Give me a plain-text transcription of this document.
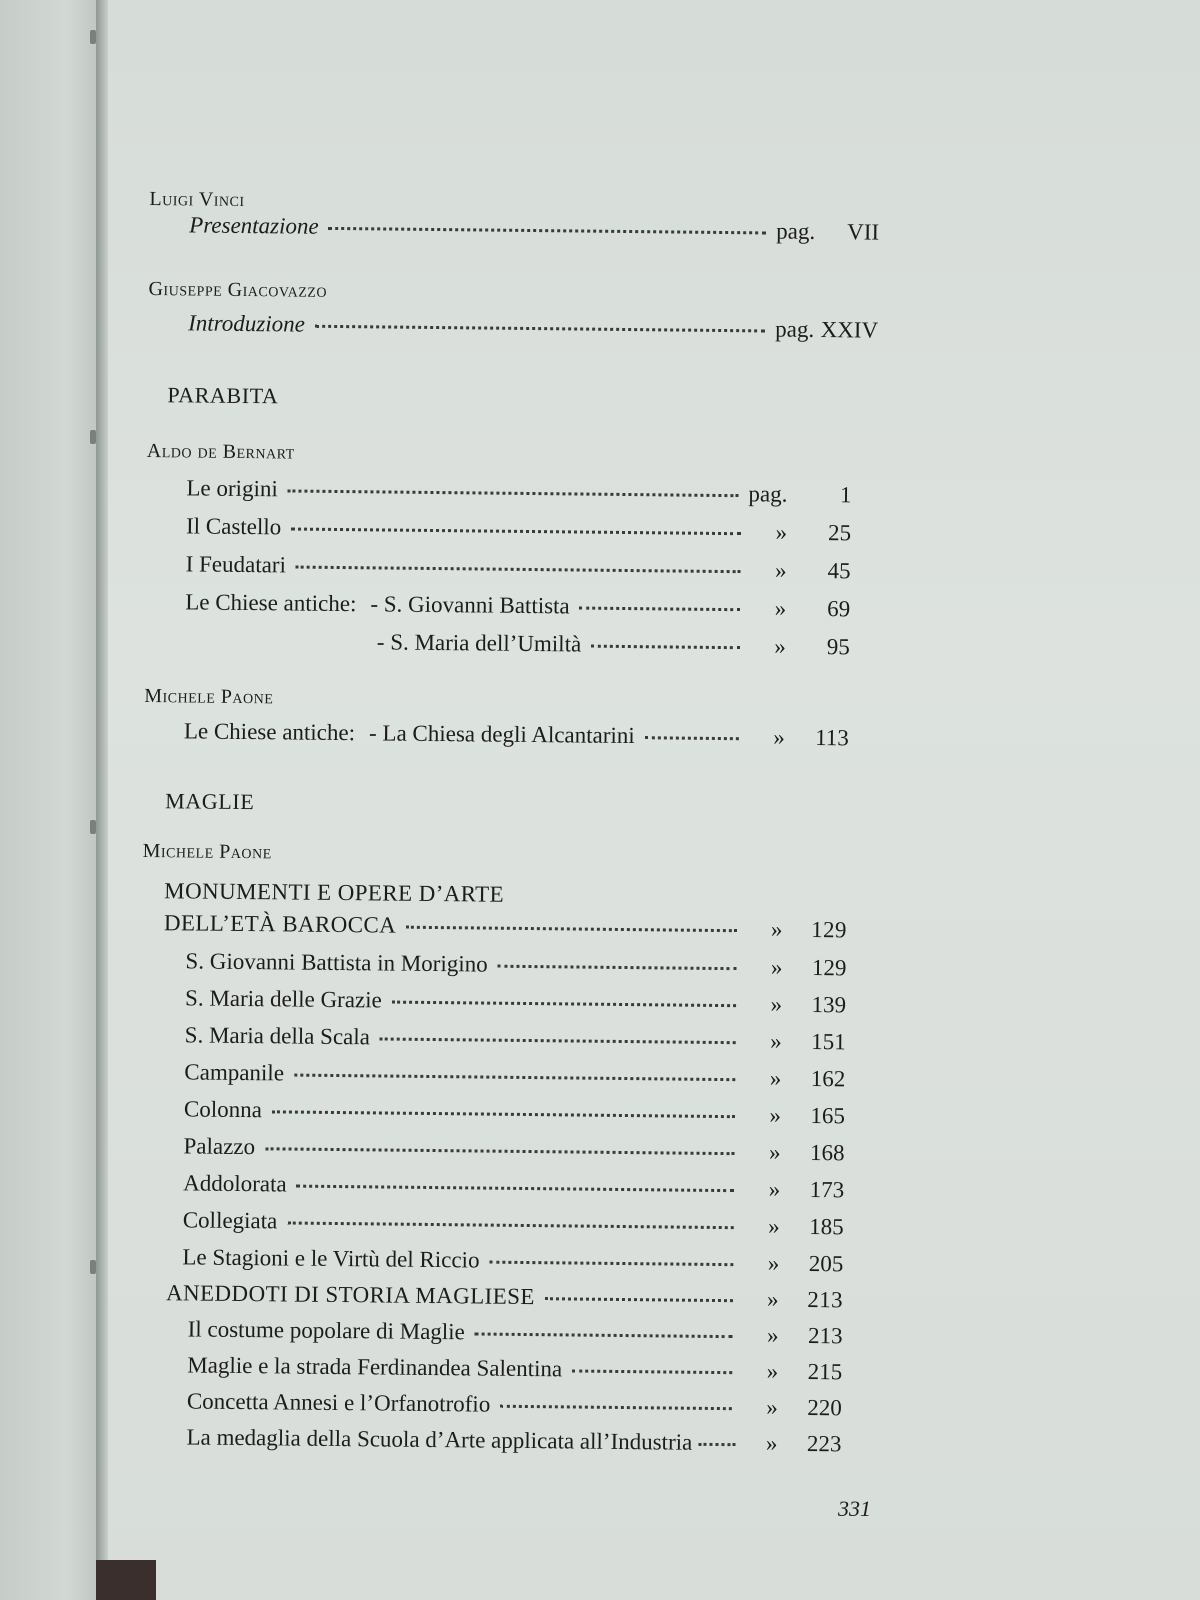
Luigi Vinci
Presentazione	pag.	VII
Giuseppe Giacovazzo
Introduzione	pag. XXIV
PARABITA
Aldo de Bernart
Le origini	pag.	1
Il Castello	»	25
I Feudatari	»	45
Le Chiese antiche: - S. Giovanni Battista	»	69
- S. Maria dell’Umiltà	»	95
Michele Paone
Le Chiese antiche: - La Chiesa degli Alcantarini	»	113
MAGLIE
Michele Paone
MONUMENTI E OPERE D’ARTE
DELL’ETÀ BAROCCA	»	129
S. Giovanni Battista in Morigino	»	129
S. Maria delle Grazie	»	139
S. Maria della Scala	»	151
Campanile	»	162
Colonna	»	165
Palazzo	»	168
Addolorata	»	173
Collegiata	»	185
Le Stagioni e le Virtù del Riccio	»	205
ANEDDOTI DI STORIA MAGLIESE	»	213
Il costume popolare di Maglie	»	213
Maglie e la strada Ferdinandea Salentina	»	215
Concetta Annesi e l’Orfanotrofio	»	220
La medaglia della Scuola d’Arte applicata all’Industria	»	223
331
